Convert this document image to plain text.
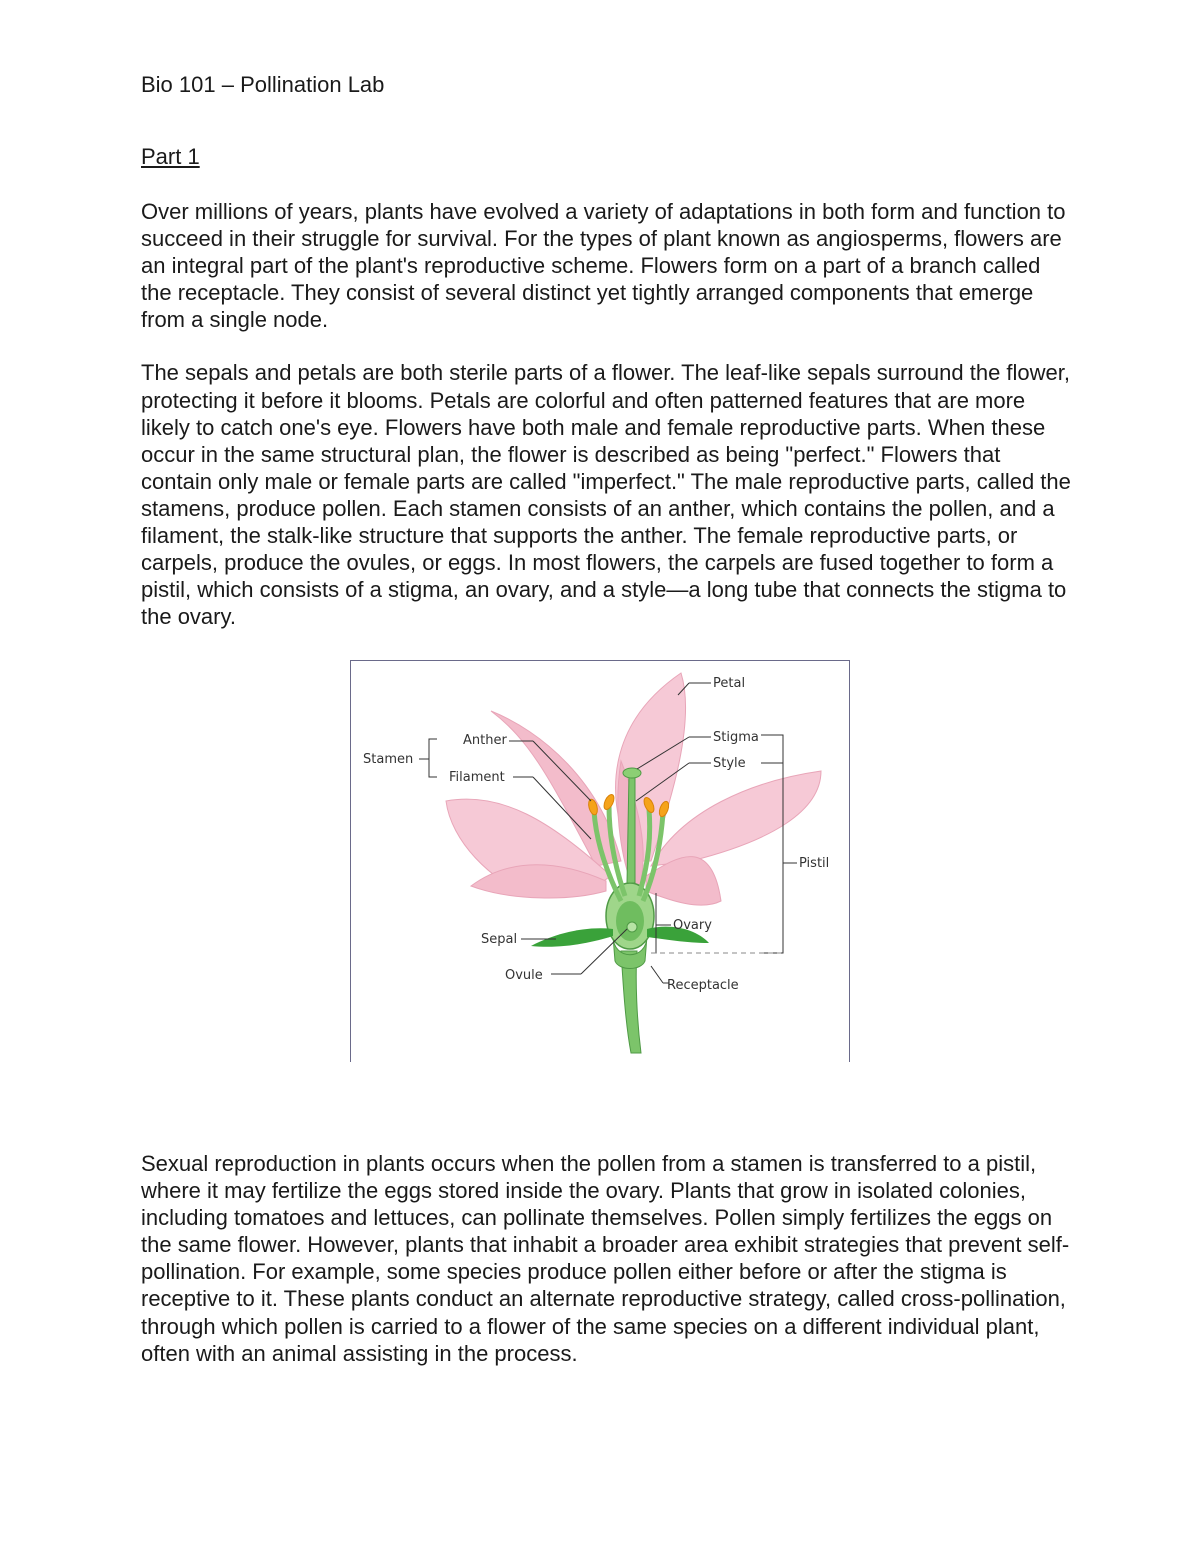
Bio 101 – Pollination Lab
Part 1

Over millions of years, plants have evolved a variety of adaptations in both form and function to succeed in their struggle for survival. For the types of plant known as angiosperms, flowers are an integral part of the plant's reproductive scheme. Flowers form on a part of a branch called the receptacle. They consist of several distinct yet tightly arranged components that emerge from a single node.

The sepals and petals are both sterile parts of a flower. The leaf-like sepals surround the flower, protecting it before it blooms. Petals are colorful and often patterned features that are more likely to catch one's eye. Flowers have both male and female reproductive parts. When these occur in the same structural plan, the flower is described as being "perfect." Flowers that contain only male or female parts are called "imperfect." The male reproductive parts, called the stamens, produce pollen. Each stamen consists of an anther, which contains the pollen, and a filament, the stalk-like structure that supports the anther. The female reproductive parts, or carpels, produce the ovules, or eggs. In most flowers, the carpels are fused together to form a pistil, which consists of a stigma, an ovary, and a style—a long tube that connects the stigma to the ovary.

Petal
Stigma
Style
Pistil
Stamen
Anther
Filament
Ovary
Sepal
Ovule
Receptacle

Sexual reproduction in plants occurs when the pollen from a stamen is transferred to a pistil, where it may fertilize the eggs stored inside the ovary. Plants that grow in isolated colonies, including tomatoes and lettuces, can pollinate themselves. Pollen simply fertilizes the eggs on the same flower. However, plants that inhabit a broader area exhibit strategies that prevent self-pollination. For example, some species produce pollen either before or after the stigma is receptive to it. These plants conduct an alternate reproductive strategy, called cross-pollination, through which pollen is carried to a flower of the same species on a different individual plant, often with an animal assisting in the process.
